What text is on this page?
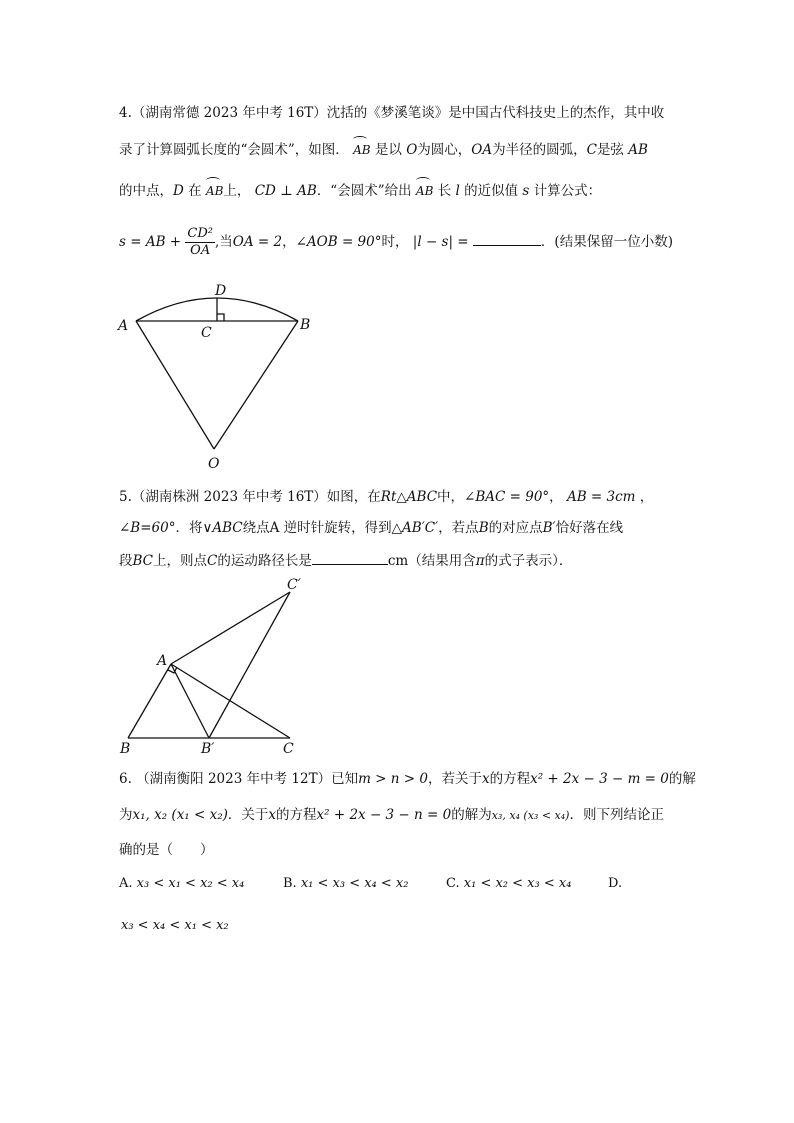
4.（湖南常德 2023 年中考 16T）沈括的《梦溪笔谈》是中国古代科技史上的杰作，其中收
录了计算圆弧长度的“会圆术”，如图． AB 是以 O为圆心，OA为半径的圆弧，C是弦 AB
的中点，D 在 AB上， CD ⊥ AB．“会圆术”给出 AB 长 l 的近似值 s 计算公式：
s = AB + $\frac{\text{CD²}}{OA}$ ,当OA = 2，∠AOB = 90°时， |l − s| =	．(结果保留一位小数)
D
A	C	B
O
C′
A
B	B′	C
5.（湖南株洲 2023 年中考 16T）如图，在Rt△ABC中，∠BAC = 90°， AB = 3cm ，
∠B=60°．将∨ABC绕点A 逆时针旋转，得到△AB′C′，若点B的对应点B′恰好落在线
段BC上，则点C的运动路径长是	cm（结果用含π的式子表示）．
6. （湖南衡阳 2023 年中考 12T）已知m > n > 0，若关于x的方程x² + 2x − 3 − m = 0的解
为x₁, x₂ (x₁ < x₂)．关于x的方程x² + 2x − 3 − n = 0的解为x₃, x₄ (x₃ < x₄)．则下列结论正
确的是（　　）
A. x₃ < x₁ < x₂ < x₄	B. x₁ < x₃ < x₄ < x₂	C. x₁ < x₂ < x₃ < x₄	D.
x₃ < x₄ < x₁ < x₂
